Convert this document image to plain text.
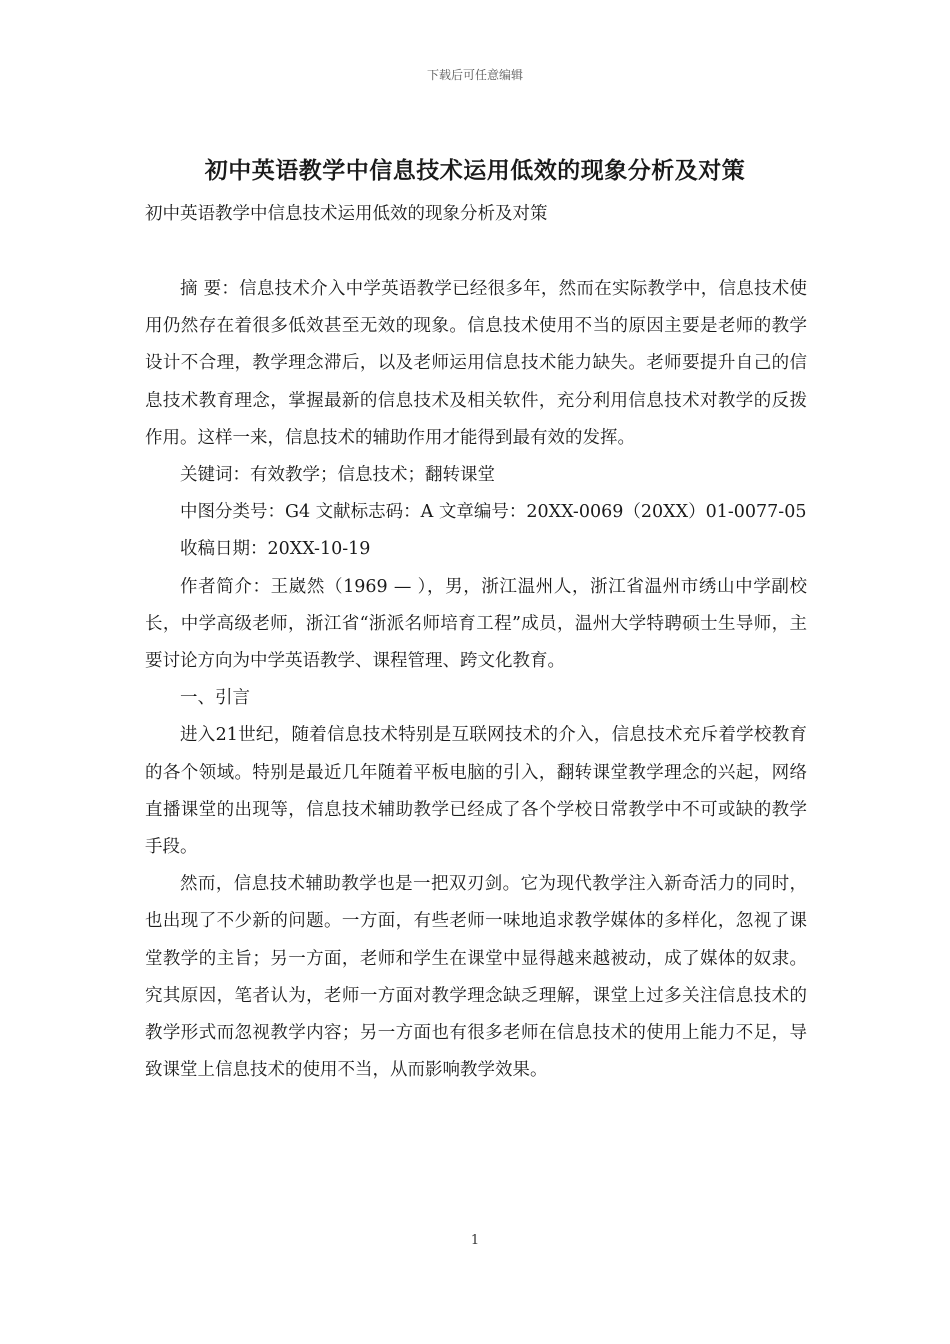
下载后可任意编辑
初中英语教学中信息技术运用低效的现象分析及对策
初中英语教学中信息技术运用低效的现象分析及对策

摘 要：信息技术介入中学英语教学已经很多年，然而在实际教学中，信息技术使用仍然存在着很多低效甚至无效的现象。信息技术使用不当的原因主要是老师的教学设计不合理，教学理念滞后，以及老师运用信息技术能力缺失。老师要提升自己的信息技术教育理念，掌握最新的信息技术及相关软件，充分利用信息技术对教学的反拨作用。这样一来，信息技术的辅助作用才能得到最有效的发挥。

关键词：有效教学；信息技术；翻转课堂

中图分类号：G4 文献标志码：A 文章编号：20XX-0069（20XX）01-0077-05

收稿日期：20XX-10-19

作者简介：王崴然（1969 — ），男，浙江温州人，浙江省温州市绣山中学副校长，中学高级老师，浙江省“浙派名师培育工程”成员，温州大学特聘硕士生导师，主要讨论方向为中学英语教学、课程管理、跨文化教育。

一、引言

进入21世纪，随着信息技术特别是互联网技术的介入，信息技术充斥着学校教育的各个领域。特别是最近几年随着平板电脑的引入，翻转课堂教学理念的兴起，网络直播课堂的出现等，信息技术辅助教学已经成了各个学校日常教学中不可或缺的教学手段。

然而，信息技术辅助教学也是一把双刃剑。它为现代教学注入新奇活力的同时，也出现了不少新的问题。一方面，有些老师一味地追求教学媒体的多样化，忽视了课堂教学的主旨；另一方面，老师和学生在课堂中显得越来越被动，成了媒体的奴隶。究其原因，笔者认为，老师一方面对教学理念缺乏理解，课堂上过多关注信息技术的教学形式而忽视教学内容；另一方面也有很多老师在信息技术的使用上能力不足，导致课堂上信息技术的使用不当，从而影响教学效果。

1
